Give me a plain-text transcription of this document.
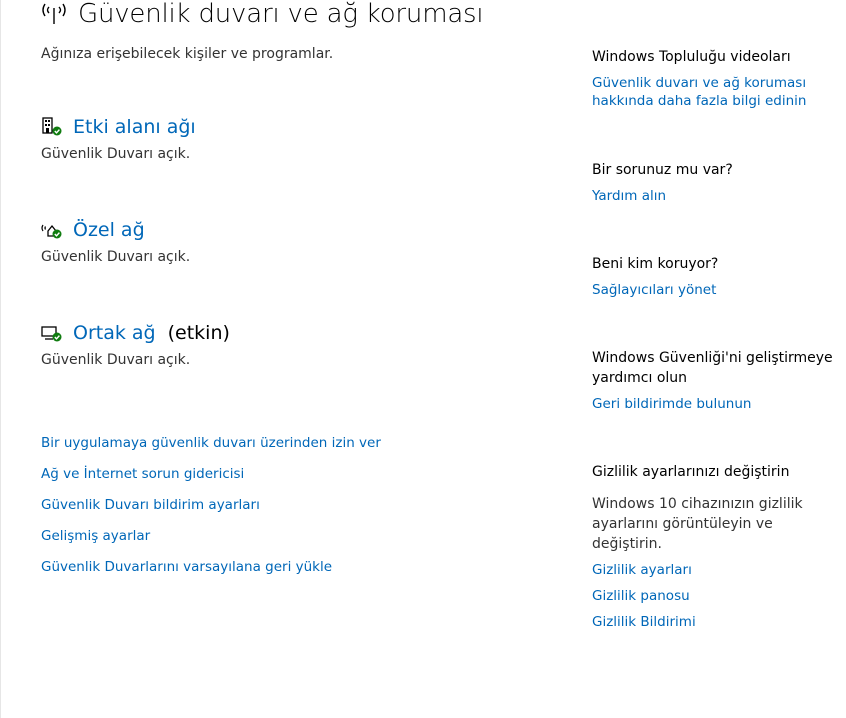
Güvenlik duvarı ve ağ koruması
Ağınıza erişebilecek kişiler ve programlar.
Etki alanı ağı
Güvenlik Duvarı açık.
Özel ağ
Güvenlik Duvarı açık.
Ortak ağ (etkin)
Güvenlik Duvarı açık.
Bir uygulamaya güvenlik duvarı üzerinden izin ver
Ağ ve İnternet sorun gidericisi
Güvenlik Duvarı bildirim ayarları
Gelişmiş ayarlar
Güvenlik Duvarlarını varsayılana geri yükle
Windows Topluluğu videoları
Güvenlik duvarı ve ağ koruması hakkında daha fazla bilgi edinin
Bir sorunuz mu var?
Yardım alın
Beni kim koruyor?
Sağlayıcıları yönet
Windows Güvenliği'ni geliştirmeye yardımcı olun
Geri bildirimde bulunun
Gizlilik ayarlarınızı değiştirin
Windows 10 cihazınızın gizlilik ayarlarını görüntüleyin ve değiştirin.
Gizlilik ayarları
Gizlilik panosu
Gizlilik Bildirimi
